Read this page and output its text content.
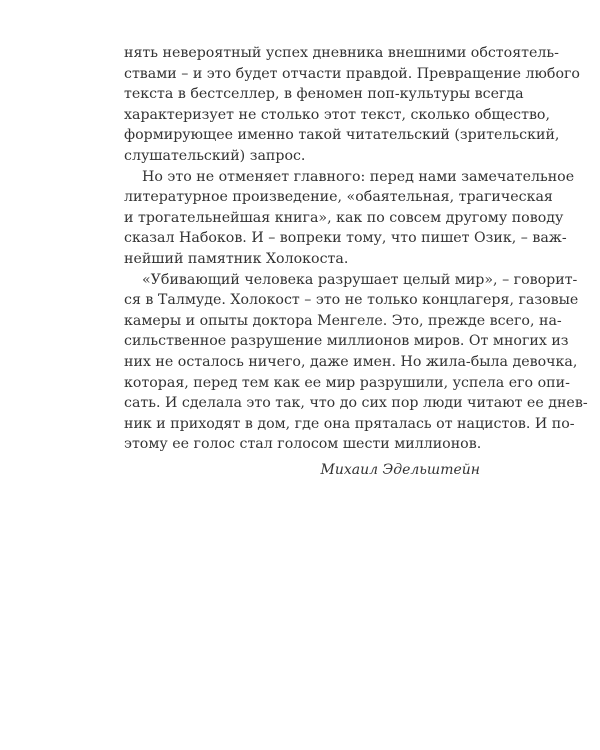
нять невероятный успех дневника внешними обстоятель-
ствами – и это будет отчасти правдой. Превращение любого
текста в бестселлер, в феномен поп-культуры всегда
характеризует не столько этот текст, сколько общество,
формирующее именно такой читательский (зрительский,
слушательский) запрос.
Но это не отменяет главного: перед нами замечательное
литературное произведение, «обаятельная, трагическая
и трогательнейшая книга», как по совсем другому поводу
сказал Набоков. И – вопреки тому, что пишет Озик, – важ-
нейший памятник Холокоста.
«Убивающий человека разрушает целый мир», – говорит-
ся в Талмуде. Холокост – это не только концлагеря, газовые
камеры и опыты доктора Менгеле. Это, прежде всего, на-
сильственное разрушение миллионов миров. От многих из
них не осталось ничего, даже имен. Но жила-была девочка,
которая, перед тем как ее мир разрушили, успела его опи-
сать. И сделала это так, что до сих пор люди читают ее днев-
ник и приходят в дом, где она пряталась от нацистов. И по-
этому ее голос стал голосом шести миллионов.
Михаил Эдельштейн
